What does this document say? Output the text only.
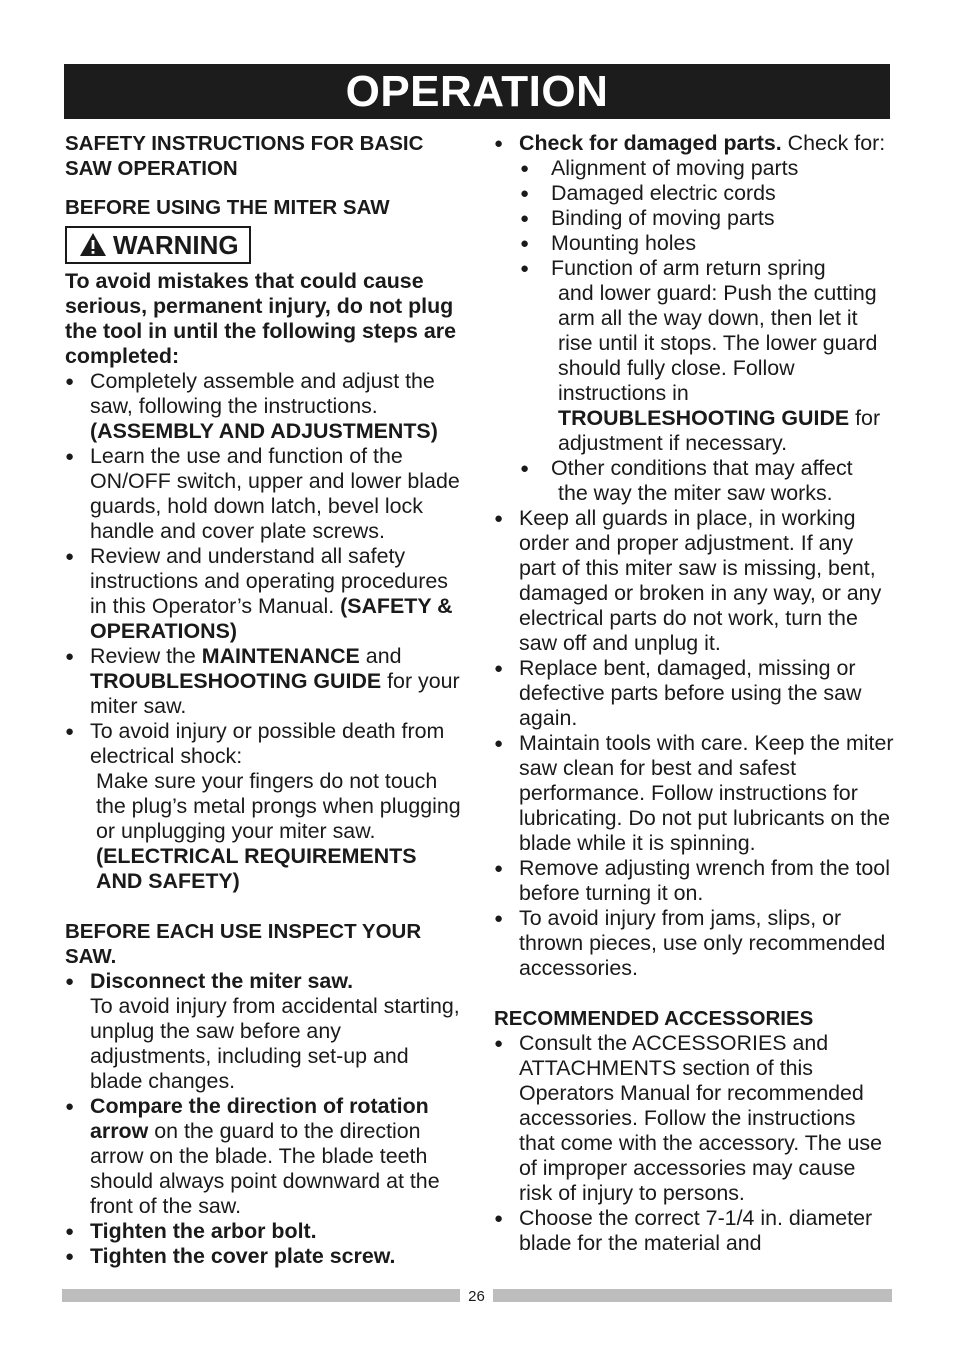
OPERATION
SAFETY INSTRUCTIONS FOR BASIC
SAW OPERATION
BEFORE USING THE MITER SAW
WARNING
To avoid mistakes that could cause serious, permanent injury, do not plug the tool in until the following steps are completed:
● Completely assemble and adjust the saw, following the instructions. (ASSEMBLY AND ADJUSTMENTS)
● Learn the use and function of the ON/OFF switch, upper and lower blade guards, hold down latch, bevel lock handle and cover plate screws.
● Review and understand all safety instructions and operating procedures in this Operator’s Manual. (SAFETY & OPERATIONS)
● Review the MAINTENANCE and TROUBLESHOOTING GUIDE for your miter saw.
● To avoid injury or possible death from electrical shock:
Make sure your fingers do not touch the plug’s metal prongs when plugging or unplugging your miter saw. (ELECTRICAL REQUIREMENTS AND SAFETY)
BEFORE EACH USE INSPECT YOUR SAW.
● Disconnect the miter saw.
To avoid injury from accidental starting, unplug the saw before any adjustments, including set-up and blade changes.
● Compare the direction of rotation arrow on the guard to the direction arrow on the blade. The blade teeth should always point downward at the front of the saw.
● Tighten the arbor bolt.
● Tighten the cover plate screw.
● Check for damaged parts. Check for:
● Alignment of moving parts
● Damaged electric cords
● Binding of moving parts
● Mounting holes
● Function of arm return spring
and lower guard: Push the cutting arm all the way down, then let it rise until it stops. The lower guard should fully close. Follow instructions in TROUBLESHOOTING GUIDE for adjustment if necessary.
● Other conditions that may affect
the way the miter saw works.
● Keep all guards in place, in working order and proper adjustment. If any part of this miter saw is missing, bent, damaged or broken in any way, or any electrical parts do not work, turn the saw off and unplug it.
● Replace bent, damaged, missing or defective parts before using the saw again.
● Maintain tools with care. Keep the miter saw clean for best and safest performance. Follow instructions for lubricating. Do not put lubricants on the blade while it is spinning.
● Remove adjusting wrench from the tool before turning it on.
● To avoid injury from jams, slips, or thrown pieces, use only recommended accessories.
RECOMMENDED ACCESSORIES
● Consult the ACCESSORIES and ATTACHMENTS section of this Operators Manual for recommended accessories. Follow the instructions that come with the accessory. The use of improper accessories may cause risk of injury to persons.
● Choose the correct 7-1/4 in. diameter blade for the material and
26
